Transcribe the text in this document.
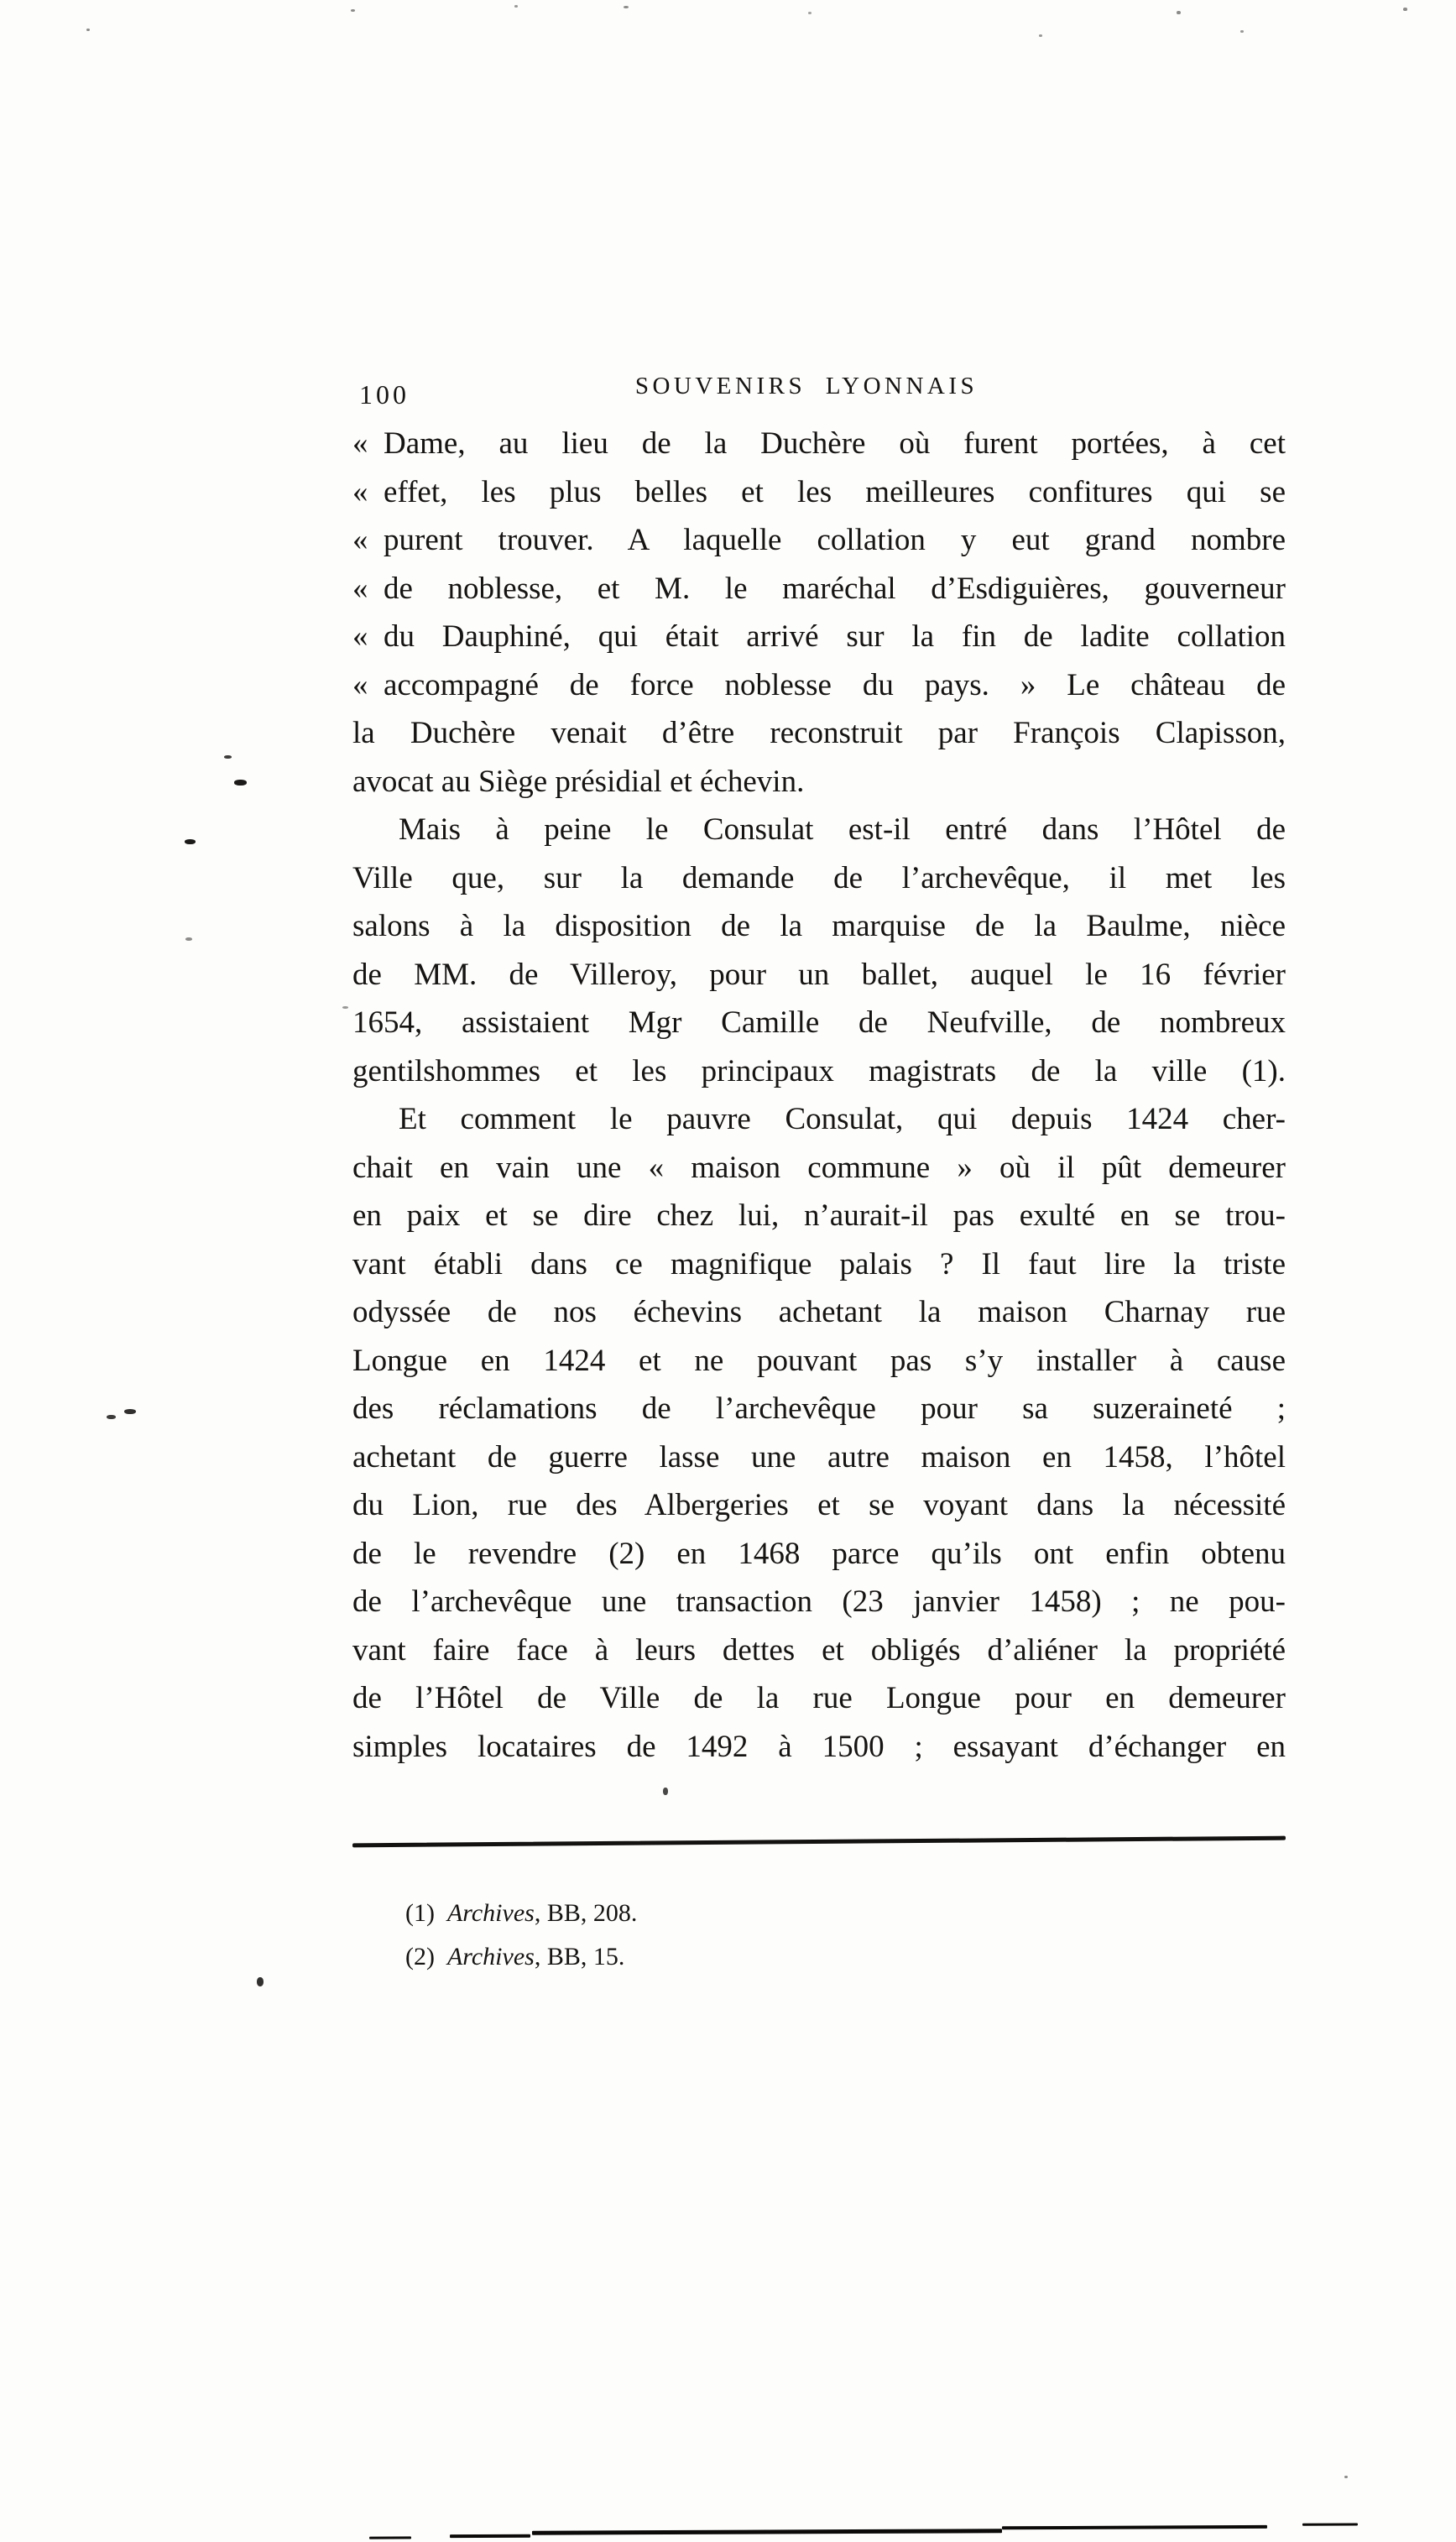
100	SOUVENIRS LYONNAIS
« Dame, au lieu de la Duchère où furent portées, à cet
« effet, les plus belles et les meilleures confitures qui se
« purent trouver. A laquelle collation y eut grand nombre
« de noblesse, et M. le maréchal d’Esdiguières, gouverneur
« du Dauphiné, qui était arrivé sur la fin de ladite collation
« accompagné de force noblesse du pays. » Le château de
la Duchère venait d’être reconstruit par François Clapisson,
avocat au Siège présidial et échevin.
Mais à peine le Consulat est-il entré dans l’Hôtel de
Ville que, sur la demande de l’archevêque, il met les
salons à la disposition de la marquise de la Baulme, nièce
de MM. de Villeroy, pour un ballet, auquel le 16 février
1654, assistaient Mgr Camille de Neufville, de nombreux
gentilshommes et les principaux magistrats de la ville (1).
Et comment le pauvre Consulat, qui depuis 1424 cher-
chait en vain une « maison commune » où il pût demeurer
en paix et se dire chez lui, n’aurait-il pas exulté en se trou-
vant établi dans ce magnifique palais ? Il faut lire la triste
odyssée de nos échevins achetant la maison Charnay rue
Longue en 1424 et ne pouvant pas s’y installer à cause
des réclamations de l’archevêque pour sa suzeraineté ;
achetant de guerre lasse une autre maison en 1458, l’hôtel
du Lion, rue des Albergeries et se voyant dans la nécessité
de le revendre (2) en 1468 parce qu’ils ont enfin obtenu
de l’archevêque une transaction (23 janvier 1458) ; ne pou-
vant faire face à leurs dettes et obligés d’aliéner la propriété
de l’Hôtel de Ville de la rue Longue pour en demeurer
simples locataires de 1492 à 1500 ; essayant d’échanger en
(1) Archives, BB, 208.
(2) Archives, BB, 15.
